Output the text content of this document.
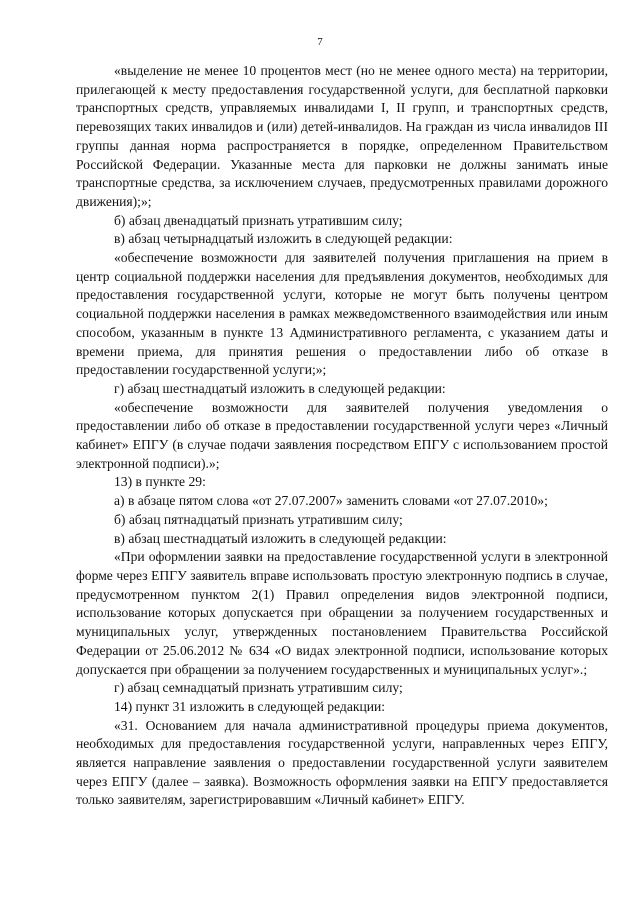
7

«выделение не менее 10 процентов мест (но не менее одного места) на территории, прилегающей к месту предоставления государственной услуги, для бесплатной парковки транспортных средств, управляемых инвалидами I, II групп, и транспортных средств, перевозящих таких инвалидов и (или) детей-инвалидов. На граждан из числа инвалидов III группы данная норма распространяется в порядке, определенном Правительством Российской Федерации. Указанные места для парковки не должны занимать иные транспортные средства, за исключением случаев, предусмотренных правилами дорожного движения);»;

б) абзац двенадцатый признать утратившим силу;

в) абзац четырнадцатый изложить в следующей редакции:

«обеспечение возможности для заявителей получения приглашения на прием в центр социальной поддержки населения для предъявления документов, необходимых для предоставления государственной услуги, которые не могут быть получены центром социальной поддержки населения в рамках межведомственного взаимодействия или иным способом, указанным в пункте 13 Административного регламента, с указанием даты и времени приема, для принятия решения о предоставлении либо об отказе в предоставлении государственной услуги;»;

г) абзац шестнадцатый изложить в следующей редакции:

«обеспечение возможности для заявителей получения уведомления о предоставлении либо об отказе в предоставлении государственной услуги через «Личный кабинет» ЕПГУ (в случае подачи заявления посредством ЕПГУ с использованием простой электронной подписи).»;

13) в пункте 29:

а) в абзаце пятом слова «от 27.07.2007» заменить словами «от 27.07.2010»;

б) абзац пятнадцатый признать утратившим силу;

в) абзац шестнадцатый изложить в следующей редакции:

«При оформлении заявки на предоставление государственной услуги в электронной форме через ЕПГУ заявитель вправе использовать простую электронную подпись в случае, предусмотренном пунктом 2(1) Правил определения видов электронной подписи, использование которых допускается при обращении за получением государственных и муниципальных услуг, утвержденных постановлением Правительства Российской Федерации от 25.06.2012 № 634 «О видах электронной подписи, использование которых допускается при обращении за получением государственных и муниципальных услуг».;

г) абзац семнадцатый признать утратившим силу;

14) пункт 31 изложить в следующей редакции:

«31. Основанием для начала административной процедуры приема документов, необходимых для предоставления государственной услуги, направленных через ЕПГУ, является направление заявления о предоставлении государственной услуги заявителем через ЕПГУ (далее – заявка). Возможность оформления заявки на ЕПГУ предоставляется только заявителям, зарегистрировавшим «Личный кабинет» ЕПГУ.
